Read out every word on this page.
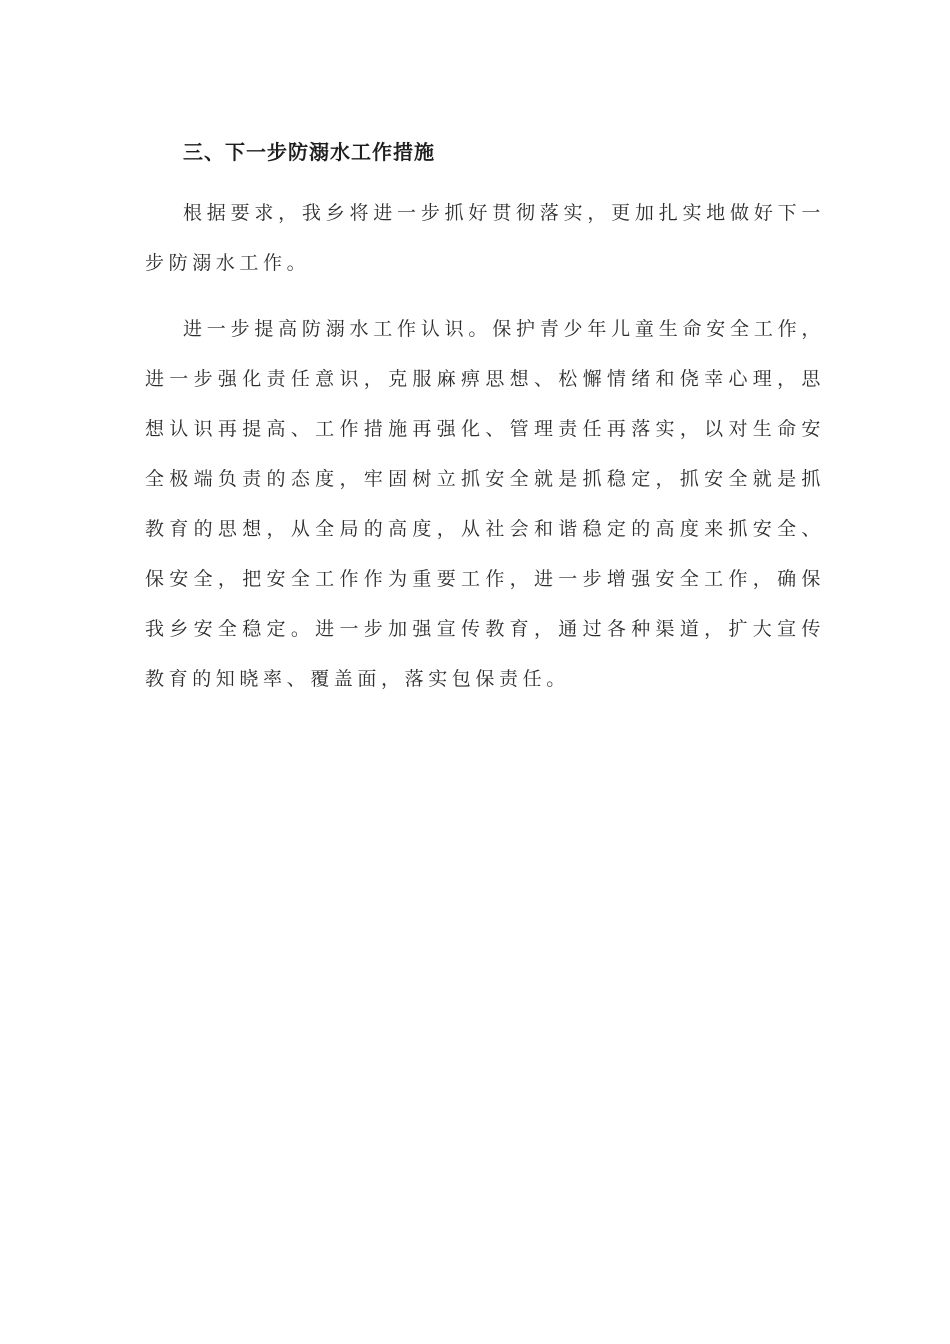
三、下一步防溺水工作措施

根据要求，我乡将进一步抓好贯彻落实，更加扎实地做好下一步防溺水工作。

进一步提高防溺水工作认识。保护青少年儿童生命安全工作，进一步强化责任意识，克服麻痹思想、松懈情绪和侥幸心理，思想认识再提高、工作措施再强化、管理责任再落实，以对生命安全极端负责的态度，牢固树立抓安全就是抓稳定，抓安全就是抓教育的思想，从全局的高度，从社会和谐稳定的高度来抓安全、保安全，把安全工作作为重要工作，进一步增强安全工作，确保我乡安全稳定。进一步加强宣传教育，通过各种渠道，扩大宣传教育的知晓率、覆盖面，落实包保责任。
